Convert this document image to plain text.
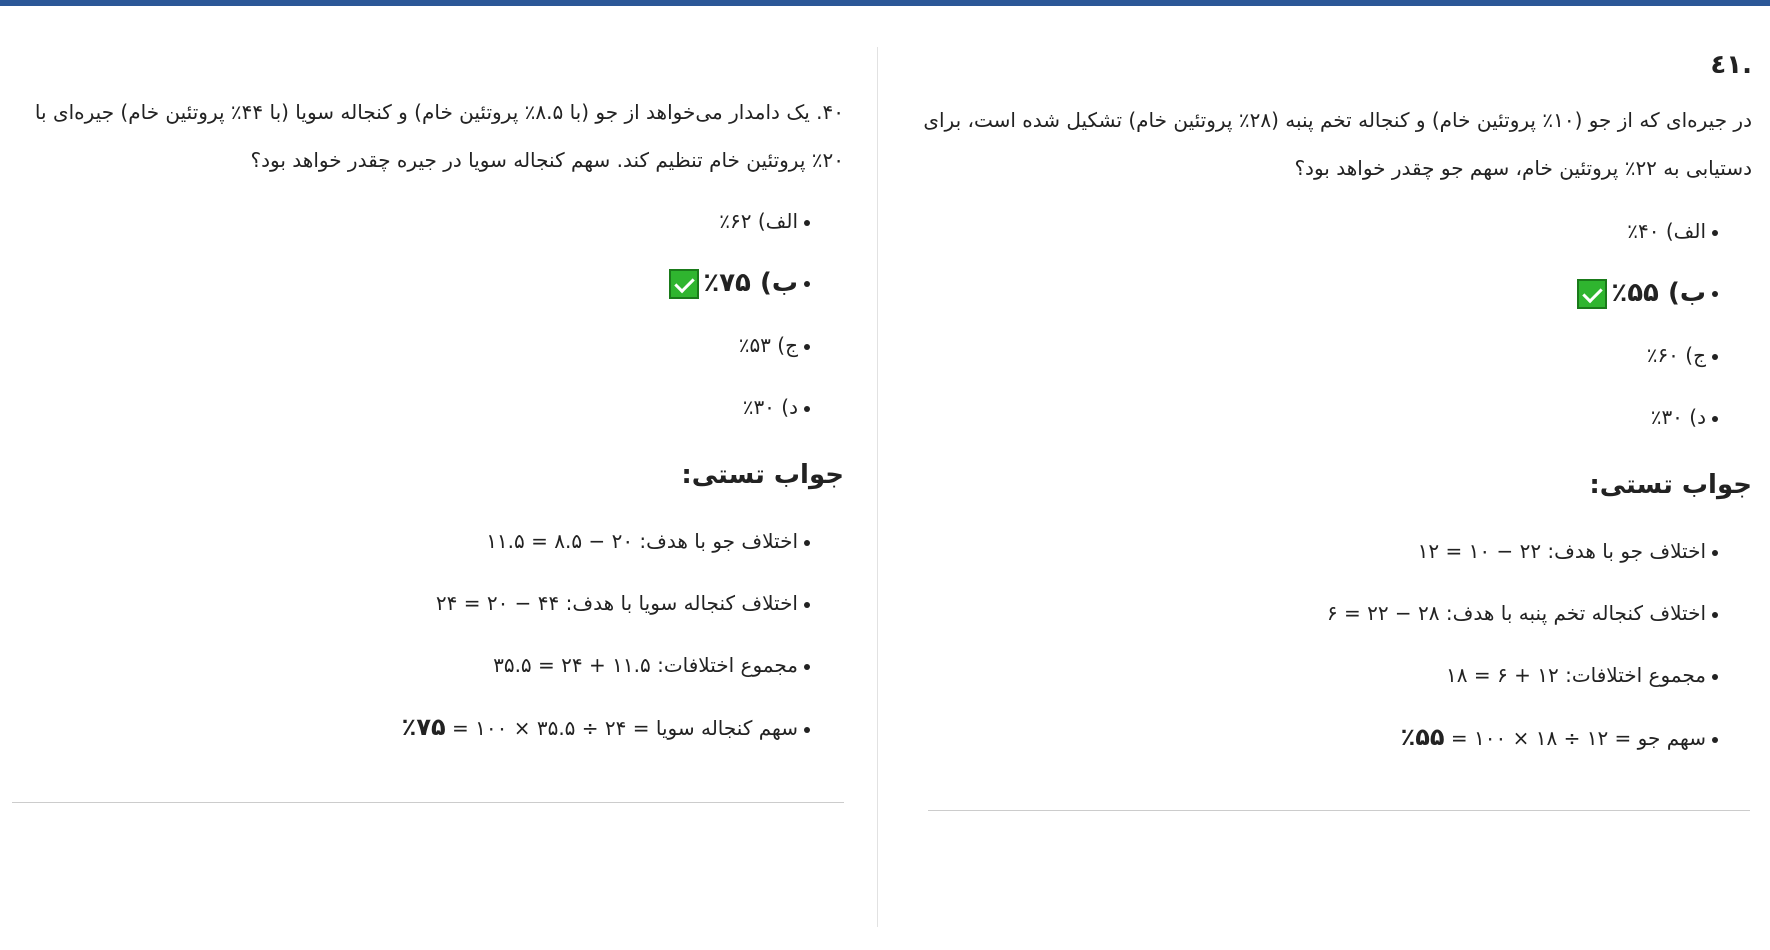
.٤١
در جیره‌ای که از جو (۱۰٪ پروتئین خام) و کنجاله تخم پنبه (۲۸٪ پروتئین خام) تشکیل شده است، برای دستیابی به ۲۲٪ پروتئین خام، سهم جو چقدر خواهد بود؟
الف) ۴۰٪
ب) ۵۵٪
ج) ۶۰٪
د) ۳۰٪
جواب تستی:
اختلاف جو با هدف: ۲۲ − ۱۰ = ۱۲
اختلاف کنجاله تخم پنبه با هدف: ۲۸ − ۲۲ = ۶
مجموع اختلافات: ۱۲ + ۶ = ۱۸
سهم جو = ۱۲ ÷ ۱۸ × ۱۰۰ = ۵۵٪
۴۰. یک دامدار می‌خواهد از جو (با ۸.۵٪ پروتئین خام) و کنجاله سویا (با ۴۴٪ پروتئین خام) جیره‌ای با ۲۰٪ پروتئین خام تنظیم کند. سهم کنجاله سویا در جیره چقدر خواهد بود؟
الف) ۶۲٪
ب) ۷۵٪
ج) ۵۳٪
د) ۳۰٪
جواب تستی:
اختلاف جو با هدف: ۲۰ − ۸.۵ = ۱۱.۵
اختلاف کنجاله سویا با هدف: ۴۴ − ۲۰ = ۲۴
مجموع اختلافات: ۱۱.۵ + ۲۴ = ۳۵.۵
سهم کنجاله سویا = ۲۴ ÷ ۳۵.۵ × ۱۰۰ = ۷۵٪
